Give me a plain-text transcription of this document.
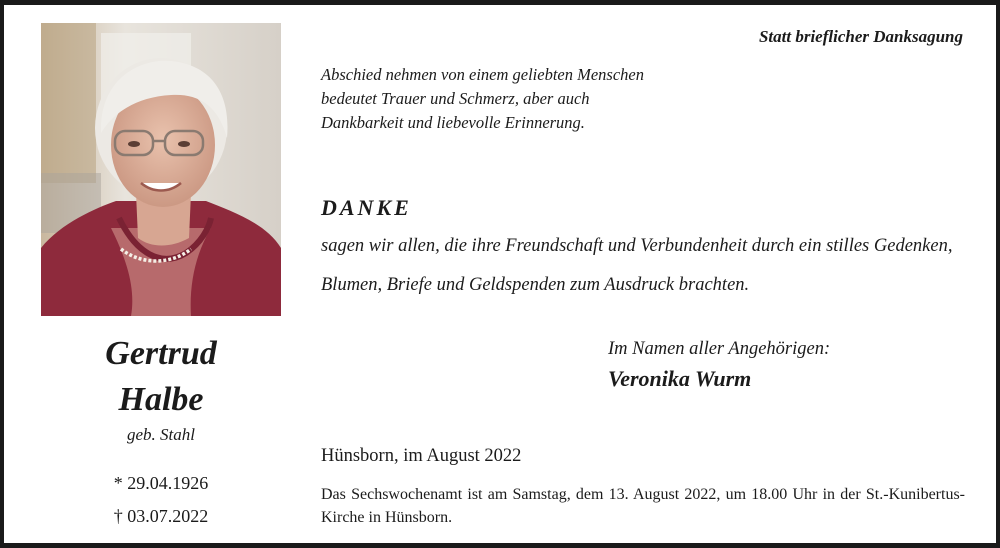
Gertrud
Halbe
geb. Stahl
* 29.04.1926
† 03.07.2022
Statt brieflicher Danksagung
Abschied nehmen von einem geliebten Menschen
bedeutet Trauer und Schmerz, aber auch
Dankbarkeit und liebevolle Erinnerung.
DANKE
sagen wir allen, die ihre Freundschaft und Verbundenheit durch ein stilles Gedenken,
Blumen, Briefe und Geldspenden zum Ausdruck brachten.
Im Namen aller Angehörigen:
Veronika Wurm
Hünsborn, im August 2022
Das Sechswochenamt ist am Samstag, dem 13. August 2022, um 18.00 Uhr in der St.-Kunibertus-Kirche in Hünsborn.
